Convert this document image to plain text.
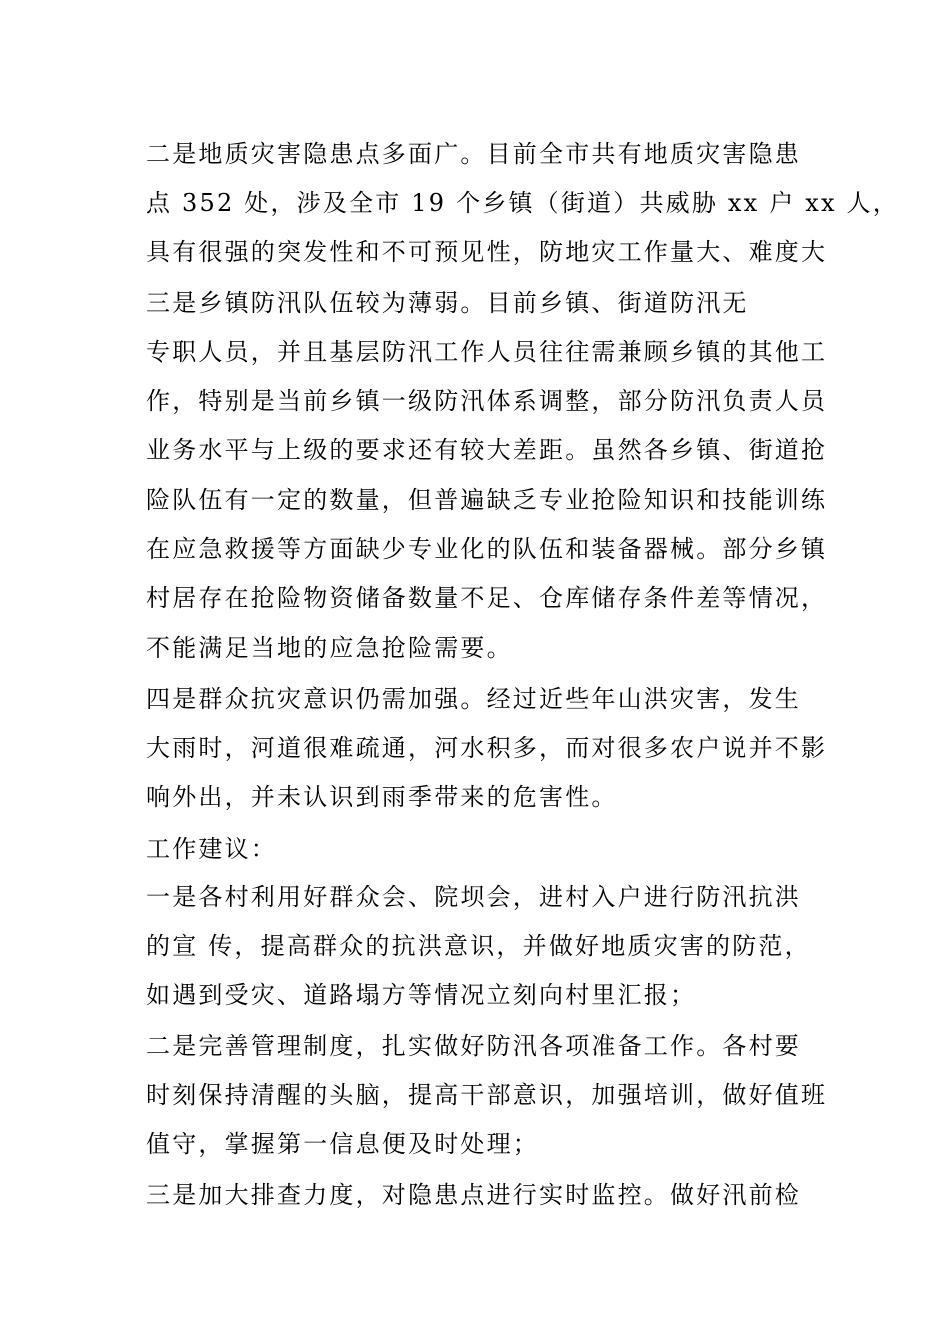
二是地质灾害隐患点多面广。目前全市共有地质灾害隐患
点 352 处，涉及全市 19 个乡镇（街道）共威胁 xx 户 xx 人，
具有很强的突发性和不可预见性，防地灾工作量大、难度大
三是乡镇防汛队伍较为薄弱。目前乡镇、街道防汛无
专职人员，并且基层防汛工作人员往往需兼顾乡镇的其他工
作，特别是当前乡镇一级防汛体系调整，部分防汛负责人员
业务水平与上级的要求还有较大差距。虽然各乡镇、街道抢
险队伍有一定的数量，但普遍缺乏专业抢险知识和技能训练
在应急救援等方面缺少专业化的队伍和装备器械。部分乡镇
村居存在抢险物资储备数量不足、仓库储存条件差等情况，
不能满足当地的应急抢险需要。
四是群众抗灾意识仍需加强。经过近些年山洪灾害，发生
大雨时，河道很难疏通，河水积多，而对很多农户说并不影
响外出，并未认识到雨季带来的危害性。
工作建议：
一是各村利用好群众会、院坝会，进村入户进行防汛抗洪
的宣 传，提高群众的抗洪意识，并做好地质灾害的防范，
如遇到受灾、道路塌方等情况立刻向村里汇报；
二是完善管理制度，扎实做好防汛各项准备工作。各村要
时刻保持清醒的头脑，提高干部意识，加强培训，做好值班
值守，掌握第一信息便及时处理；
三是加大排查力度，对隐患点进行实时监控。做好汛前检
